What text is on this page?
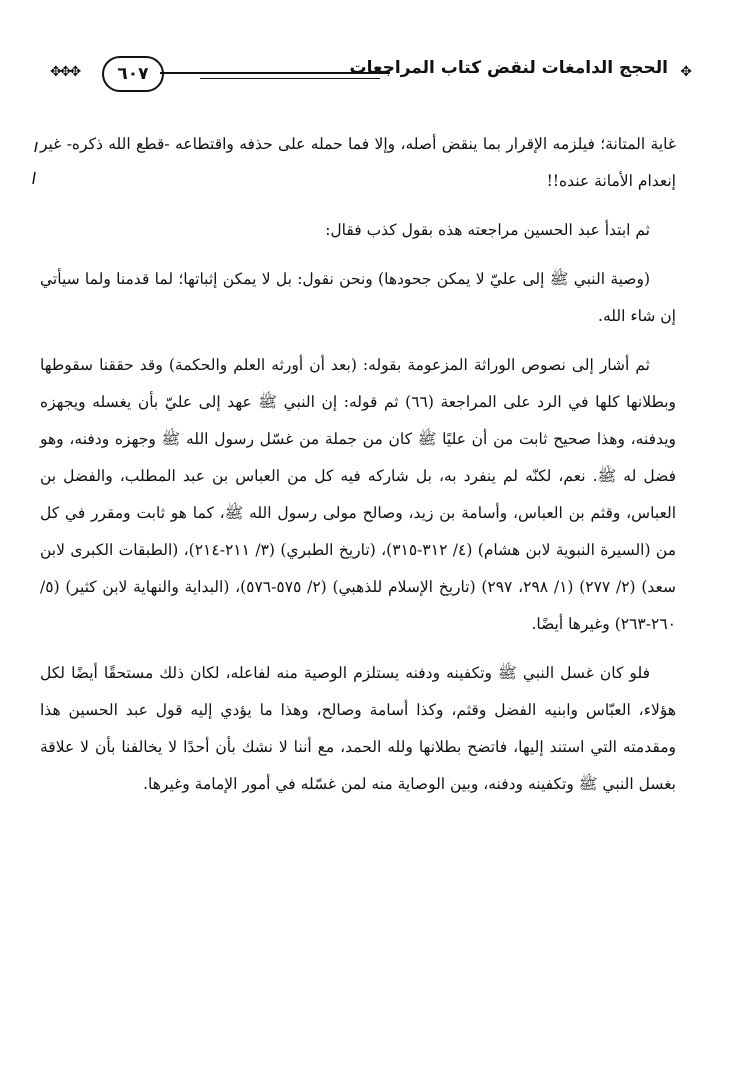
✥✥✥ ٦٠٧	الحجج الدامغات لنقض كتاب المراجعات ✥

غاية المتانة؛ فيلزمه الإقرار بما ينقض أصله، وإلا فما حمله على حذفه واقتطاعه -قطع الله ذكره- غير إنعدام الأمانة عنده!!

ثم ابتدأ عبد الحسين مراجعته هذه بقول كذب فقال:

(وصية النبي ﷺ إلى عليّ لا يمكن جحودها) ونحن نقول: بل لا يمكن إثباتها؛ لما قدمنا ولما سيأتي إن شاء الله.

ثم أشار إلى نصوص الوراثة المزعومة بقوله: (بعد أن أورثه العلم والحكمة) وقد حققنا سقوطها وبطلانها كلها في الرد على المراجعة (٦٦) ثم قوله: إن النبي ﷺ عهد إلى عليّ بأن يغسله ويجهزه ويدفنه، وهذا صحيح ثابت من أن عليًا ﷺ كان من جملة من غسّل رسول الله ﷺ وجهزه ودفنه، وهو فضل له ﷺ. نعم، لكنّه لم ينفرد به، بل شاركه فيه كل من العباس بن عبد المطلب، والفضل بن العباس، وقثم بن العباس، وأسامة بن زيد، وصالح مولى رسول الله ﷺ، كما هو ثابت ومقرر في كل من (السيرة النبوية لابن هشام) (٤/ ٣١٢-٣١٥)، (تاريخ الطبري) (٣/ ٢١١-٢١٤)، (الطبقات الكبرى لابن سعد) (٢/ ٢٧٧) (١/ ٢٩٨، ٢٩٧) (تاريخ الإسلام للذهبي) (٢/ ٥٧٥-٥٧٦)، (البداية والنهاية لابن كثير) (٥/ ٢٦٠-٢٦٣) وغيرها أيضًا.

فلو كان غسل النبي ﷺ وتكفينه ودفنه يستلزم الوصية منه لفاعله، لكان ذلك مستحقًا أيضًا لكل هؤلاء، العبّاس وابنيه الفضل وقثم، وكذا أسامة وصالح، وهذا ما يؤدي إليه قول عبد الحسين هذا ومقدمته التي استند إليها، فاتضح بطلانها ولله الحمد، مع أننا لا نشك بأن أحدًا لا يخالفنا بأن لا علاقة بغسل النبي ﷺ وتكفينه ودفنه، وبين الوصاية منه لمن غسّله في أمور الإمامة وغيرها.
